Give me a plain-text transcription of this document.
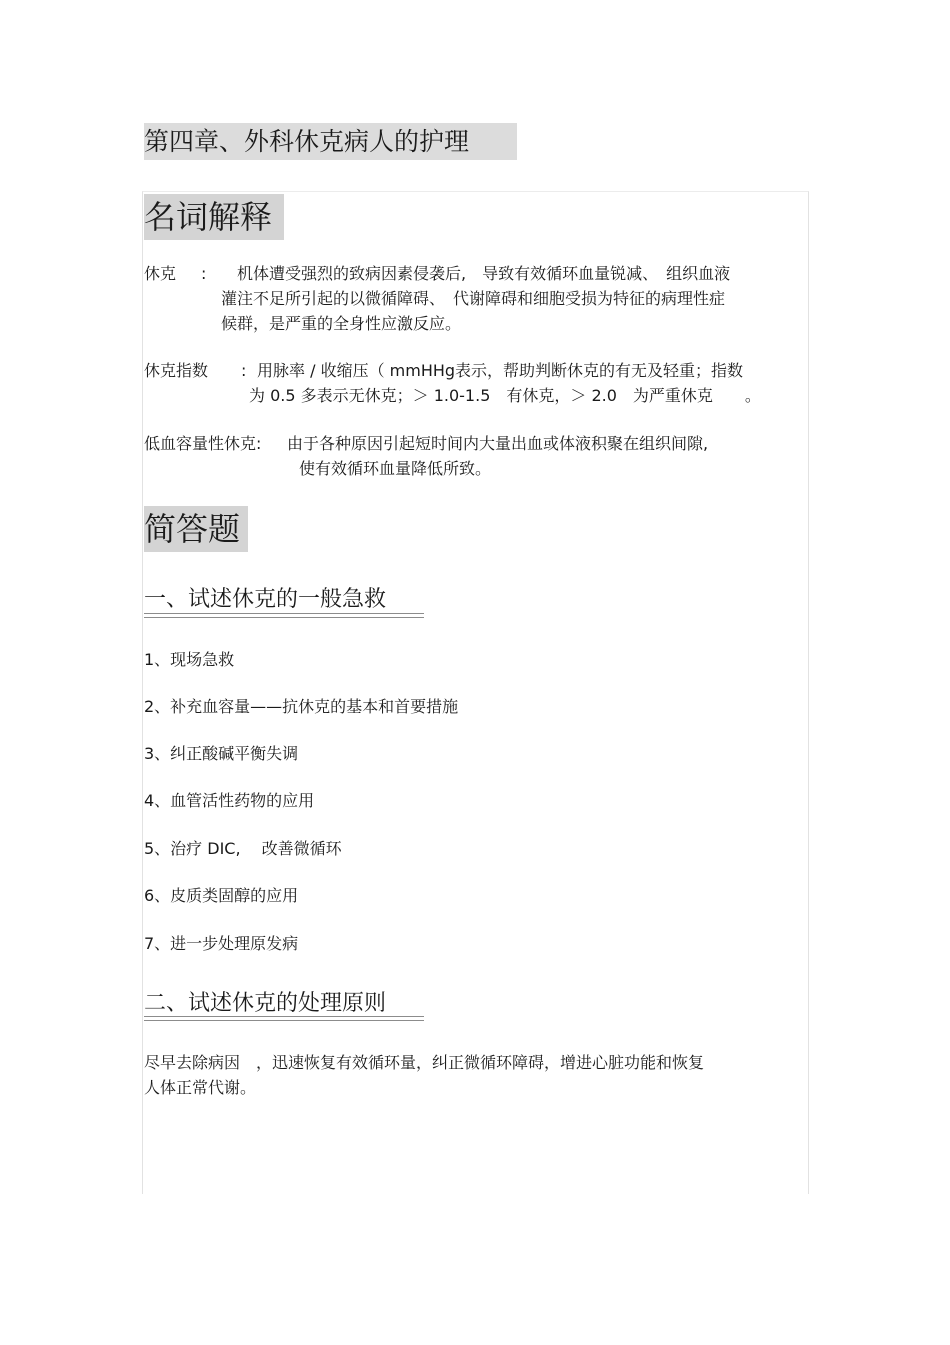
第四章、外科休克病人的护理
名词解释
休克 : 机体遭受强烈的致病因素侵袭后,　导致有效循环血量锐减、　组织血液
灌注不足所引起的以微循障碍、　代谢障碍和细胞受损为特征的病理性症
候群，是严重的全身性应激反应。
休克指数 : 用脉率 / 收缩压（ mmHHg表示，帮助判断休克的有无及轻重；指数
为 0.5 多表示无休克；＞ 1.0-1.5　有休克，＞ 2.0　为严重休克　　。
低血容量性休克: 由于各种原因引起短时间内大量出血或体液积聚在组织间隙,
使有效循环血量降低所致。
简答题
一、试述休克的一般急救
1、现场急救
2、补充血容量——抗休克的基本和首要措施
3、纠正酸碱平衡失调
4、血管活性药物的应用
5、治疗 DIC,　 改善微循环
6、皮质类固醇的应用
7、进一步处理原发病
二、试述休克的处理原则
尽早去除病因　，迅速恢复有效循环量，纠正微循环障碍，增进心脏功能和恢复
人体正常代谢。
